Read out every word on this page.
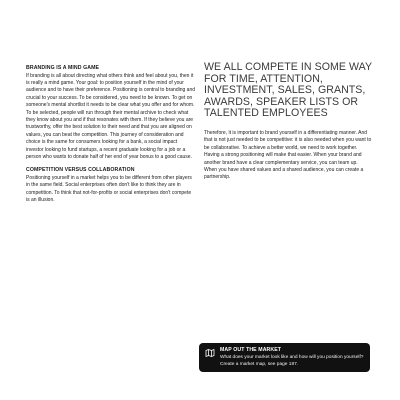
BRANDING IS A MIND GAME

If branding is all about directing what others think and feel about you, then it is really a mind game. Your goal: to position yourself in the mind of your audience and to have their preference. Positioning is central to branding and crucial to your success. To be considered, you need to be known. To get on someone's mental shortlist it needs to be clear what you offer and for whom. To be selected, people will run through their mental archive to check what they know about you and if that resonates with them. If they believe you are trustworthy, offer the best solution to their need and that you are aligned on values, you can beat the competition. This journey of consideration and choice is the same for consumers looking for a bank, a social impact investor looking to fund startups, a recent graduate looking for a job or a person who wants to donate half of her end of year bonus to a good cause.

COMPETITION VERSUS COLLABORATION

Positioning yourself in a market helps you to be different from other players in the same field. Social enterprises often don't like to think they are in competition. To think that not-for-profits or social enterprises don't compete is an illusion.

WE ALL COMPETE IN SOME WAY FOR TIME, ATTENTION, INVESTMENT, SALES, GRANTS, AWARDS, SPEAKER LISTS OR TALENTED EMPLOYEES

Therefore, it is important to brand yourself in a differentiating manner. And that is not just needed to be competitive: it is also needed when you want to be collaborative. To achieve a better world, we need to work together. Having a strong positioning will make that easier. When your brand and another brand have a clear complementary service, you can team up. When you have shared values and a shared audience, you can create a partnership.

MAP OUT THE MARKET
What does your market look like and how will you position yourself? Create a market map, see page 187.
